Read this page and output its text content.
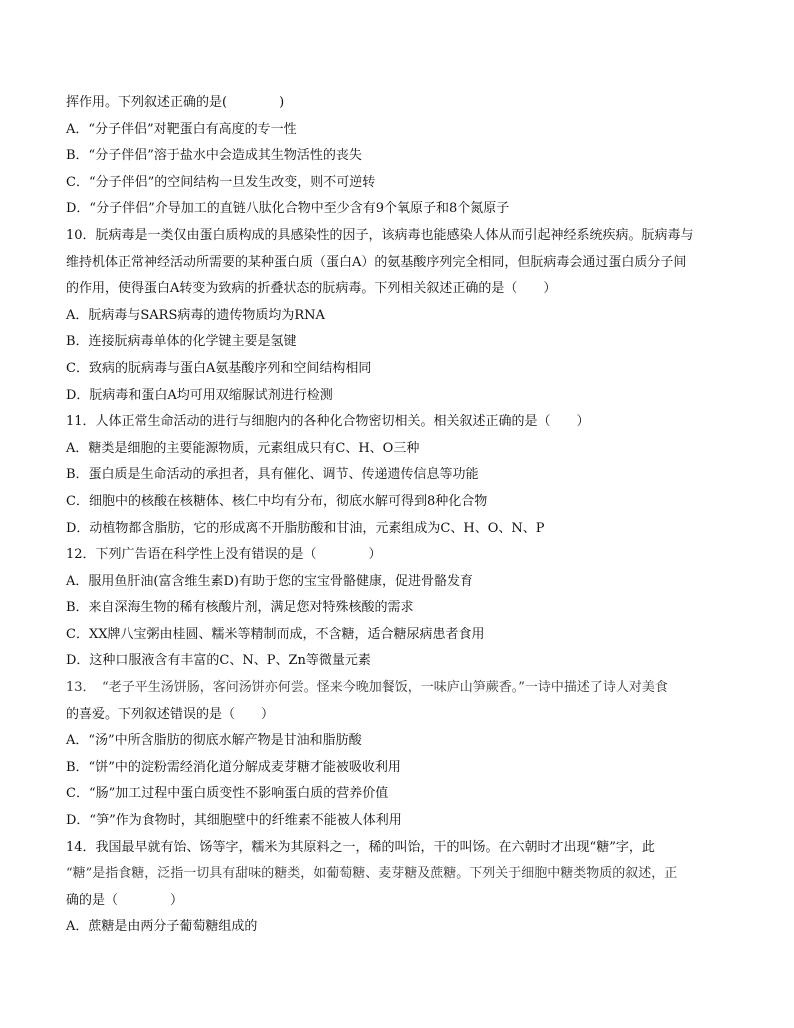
挥作用。下列叙述正确的是(　　　　)
A．“分子伴侣”对靶蛋白有高度的专一性
B．“分子伴侣”溶于盐水中会造成其生物活性的丧失
C．“分子伴侣”的空间结构一旦发生改变，则不可逆转
D．“分子伴侣”介导加工的直链八肽化合物中至少含有9个氧原子和8个氮原子
10．朊病毒是一类仅由蛋白质构成的具感染性的因子，该病毒也能感染人体从而引起神经系统疾病。朊病毒与
维持机体正常神经活动所需要的某种蛋白质（蛋白A）的氨基酸序列完全相同，但朊病毒会通过蛋白质分子间
的作用，使得蛋白A转变为致病的折叠状态的朊病毒。下列相关叙述正确的是（　　）
A．朊病毒与SARS病毒的遗传物质均为RNA
B．连接朊病毒单体的化学键主要是氢键
C．致病的朊病毒与蛋白A氨基酸序列和空间结构相同
D．朊病毒和蛋白A均可用双缩脲试剂进行检测
11．人体正常生命活动的进行与细胞内的各种化合物密切相关。相关叙述正确的是（　　）
A．糖类是细胞的主要能源物质，元素组成只有C、H、O三种
B．蛋白质是生命活动的承担者，具有催化、调节、传递遗传信息等功能
C．细胞中的核酸在核糖体、核仁中均有分布，彻底水解可得到8种化合物
D．动植物都含脂肪，它的形成离不开脂肪酸和甘油，元素组成为C、H、O、N、P
12．下列广告语在科学性上没有错误的是（　　　　）
A．服用鱼肝油(富含维生素D)有助于您的宝宝骨骼健康，促进骨骼发育
B．来自深海生物的稀有核酸片剂，满足您对特殊核酸的需求
C．XX牌八宝粥由桂圆、糯米等精制而成，不含糖，适合糖尿病患者食用
D．这种口服液含有丰富的C、N、P、Zn等微量元素
13．　“老子平生汤饼肠，客问汤饼亦何尝。怪来今晚加餐饭，一味庐山笋蕨香。”一诗中描述了诗人对美食
的喜爱。下列叙述错误的是（　　）
A．“汤”中所含脂肪的彻底水解产物是甘油和脂肪酸
B．“饼”中的淀粉需经消化道分解成麦芽糖才能被吸收利用
C．“肠”加工过程中蛋白质变性不影响蛋白质的营养价值
D．“笋”作为食物时，其细胞壁中的纤维素不能被人体利用
14．我国最早就有饴、饧等字，糯米为其原料之一，稀的叫饴，干的叫饧。在六朝时才出现“糖”字，此
“糖”是指食糖，泛指一切具有甜味的糖类，如葡萄糖、麦芽糖及蔗糖。下列关于细胞中糖类物质的叙述，正
确的是（　　　　）
A．蔗糖是由两分子葡萄糖组成的
